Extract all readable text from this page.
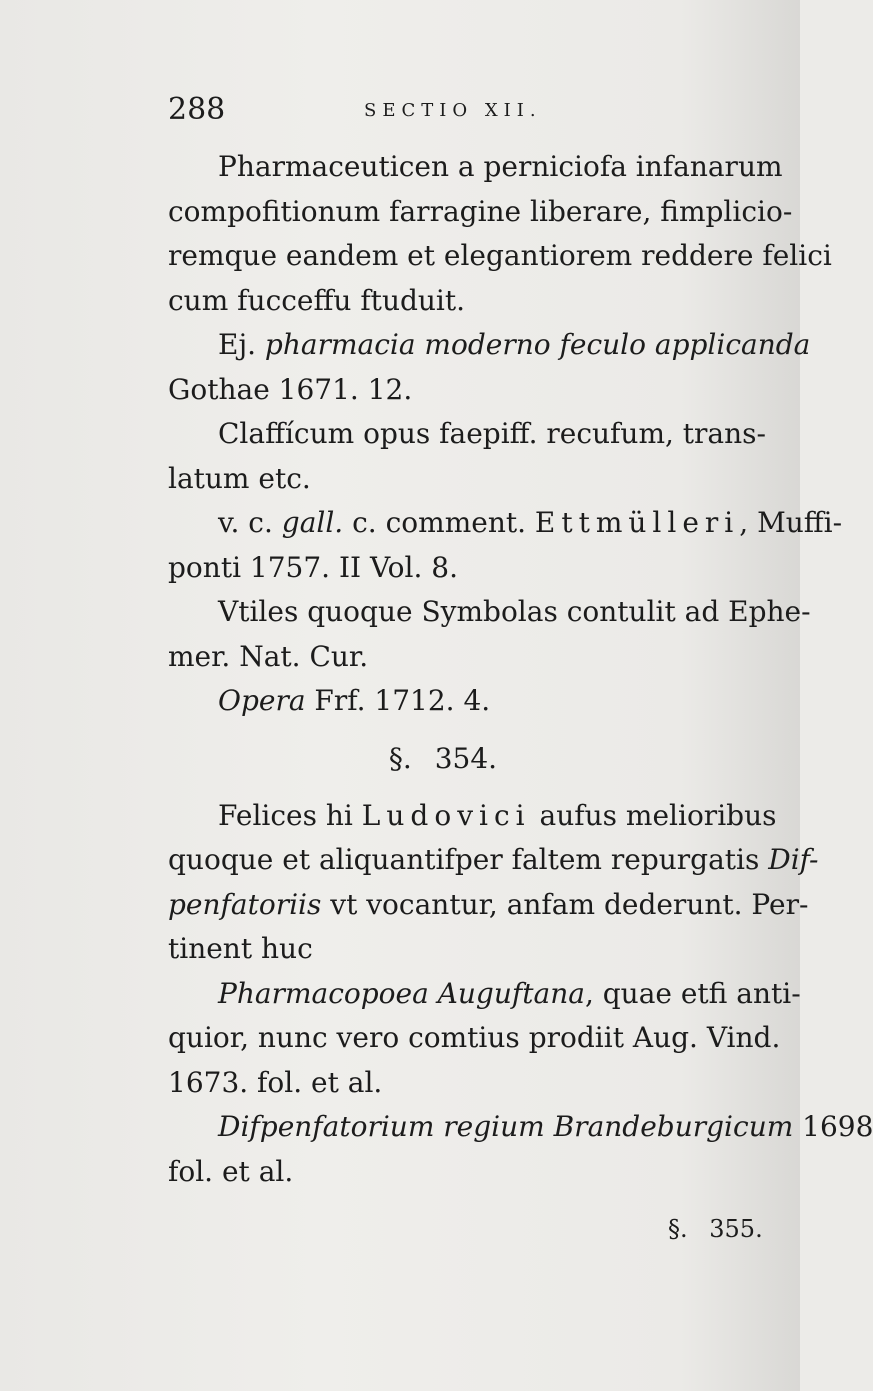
288	SECTIO XII.
Pharmaceuticen a perniciofa infanarum
compofitionum farragine liberare, fimplicio-
remque eandem et elegantiorem reddere felici
cum fucceffu ftuduit.
Ej. pharmacia moderno feculo applicanda
Gothae 1671. 12.
Claffícum opus faepiff. recufum, trans-
latum etc.
v. c. gall. c. comment. Ettmülleri, Muffi-
ponti 1757. II Vol. 8.
Vtiles quoque Symbolas contulit ad Ephe-
mer. Nat. Cur.
Opera Frf. 1712. 4.
§. 354.
Felices hi Ludovici aufus melioribus
quoque et aliquantifper faltem repurgatis Dif-
penfatoriis vt vocantur, anfam dederunt. Per-
tinent huc
Pharmacopoea Auguftana, quae etfi anti-
quior, nunc vero comtius prodiit Aug. Vind.
1673. fol. et al.
Difpenfatorium regium Brandeburgicum 1698
fol. et al.
§. 355.
